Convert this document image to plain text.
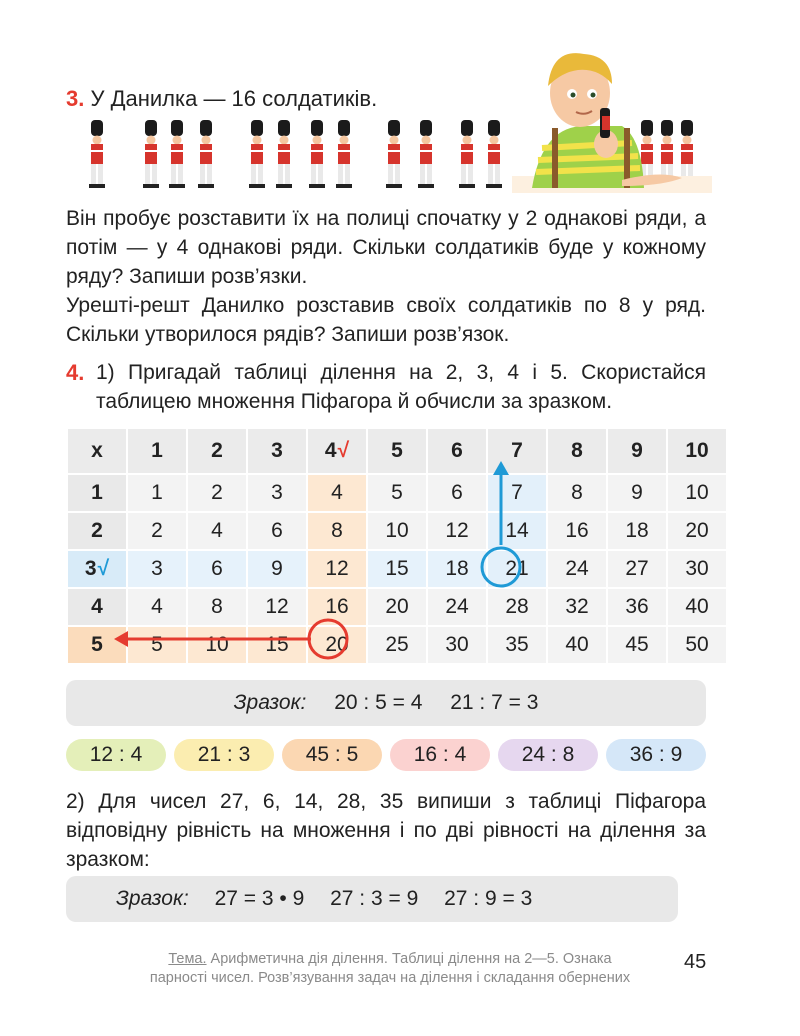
3. У Данилка — 16 солдатиків.

Він пробує розставити їх на полиці спочатку у 2 однакові ряди, а потім — у 4 однакові ряди. Скільки солдатиків буде у кожному ряду? Запиши розв’язки.

Урешті-решт Данилко розставив своїх солдатиків по 8 у ряд. Скільки утворилося рядів? Запиши розв’язок.

4. 1) Пригадай таблиці ділення на 2, 3, 4 і 5. Скористайся таблицею множення Піфагора й обчисли за зразком.

x	1	2	3	4√	5	6	7	8	9	10
1	1	2	3	4	5	6	7	8	9	10
2	2	4	6	8	10	12	14	16	18	20
3√	3	6	9	12	15	18	21	24	27	30
4	4	8	12	16	20	24	28	32	36	40
5	5	10	15	20	25	30	35	40	45	50
Зразок: 20 : 5 = 4 21 : 7 = 3
12 : 4	21 : 3	45 : 5	16 : 4	24 : 8	36 : 9

2) Для чисел 27, 6, 14, 28, 35 випиши з таблиці Піфагора відповідну рівність на множення і по дві рівності на ділення за зразком:

Зразок: 27 = 3 • 9 27 : 3 = 9 27 : 9 = 3
Тема. Арифметична дія ділення. Таблиці ділення на 2—5. Ознака
парності чисел. Розв’язування задач на ділення і складання обернених
45
